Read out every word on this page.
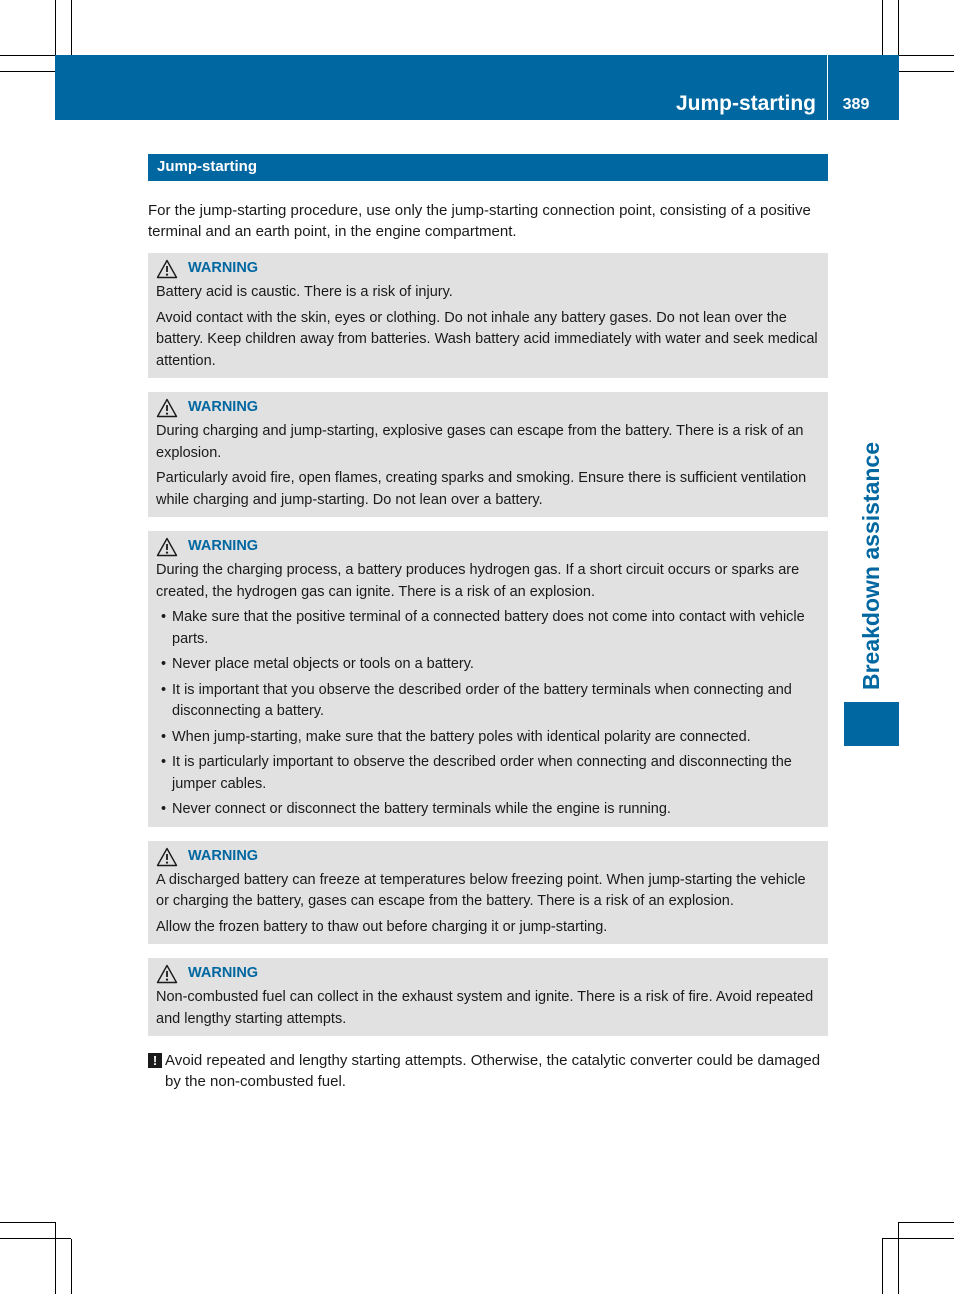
Jump-starting	389
Breakdown assistance
Jump-starting

For the jump-starting procedure, use only the jump-starting connection point, consisting of a positive terminal and an earth point, in the engine compartment.

WARNING

Battery acid is caustic. There is a risk of injury.

Avoid contact with the skin, eyes or clothing. Do not inhale any battery gases. Do not lean over the battery. Keep children away from batteries. Wash battery acid immediately with water and seek medical attention.

WARNING

During charging and jump-starting, explosive gases can escape from the battery. There is a risk of an explosion.

Particularly avoid fire, open flames, creating sparks and smoking. Ensure there is sufficient ventilation while charging and jump-starting. Do not lean over a battery.

WARNING

During the charging process, a battery produces hydrogen gas. If a short circuit occurs or sparks are created, the hydrogen gas can ignite. There is a risk of an explosion.

• Make sure that the positive terminal of a connected battery does not come into contact with vehicle parts.
• Never place metal objects or tools on a battery.
• It is important that you observe the described order of the battery terminals when connecting and disconnecting a battery.
• When jump-starting, make sure that the battery poles with identical polarity are connected.
• It is particularly important to observe the described order when connecting and disconnecting the jumper cables.
• Never connect or disconnect the battery terminals while the engine is running.
WARNING

A discharged battery can freeze at temperatures below freezing point. When jump-starting the vehicle or charging the battery, gases can escape from the battery. There is a risk of an explosion.

Allow the frozen battery to thaw out before charging it or jump-starting.

WARNING

Non-combusted fuel can collect in the exhaust system and ignite. There is a risk of fire. Avoid repeated and lengthy starting attempts.

! Avoid repeated and lengthy starting attempts. Otherwise, the catalytic converter could be damaged by the non-combusted fuel.
